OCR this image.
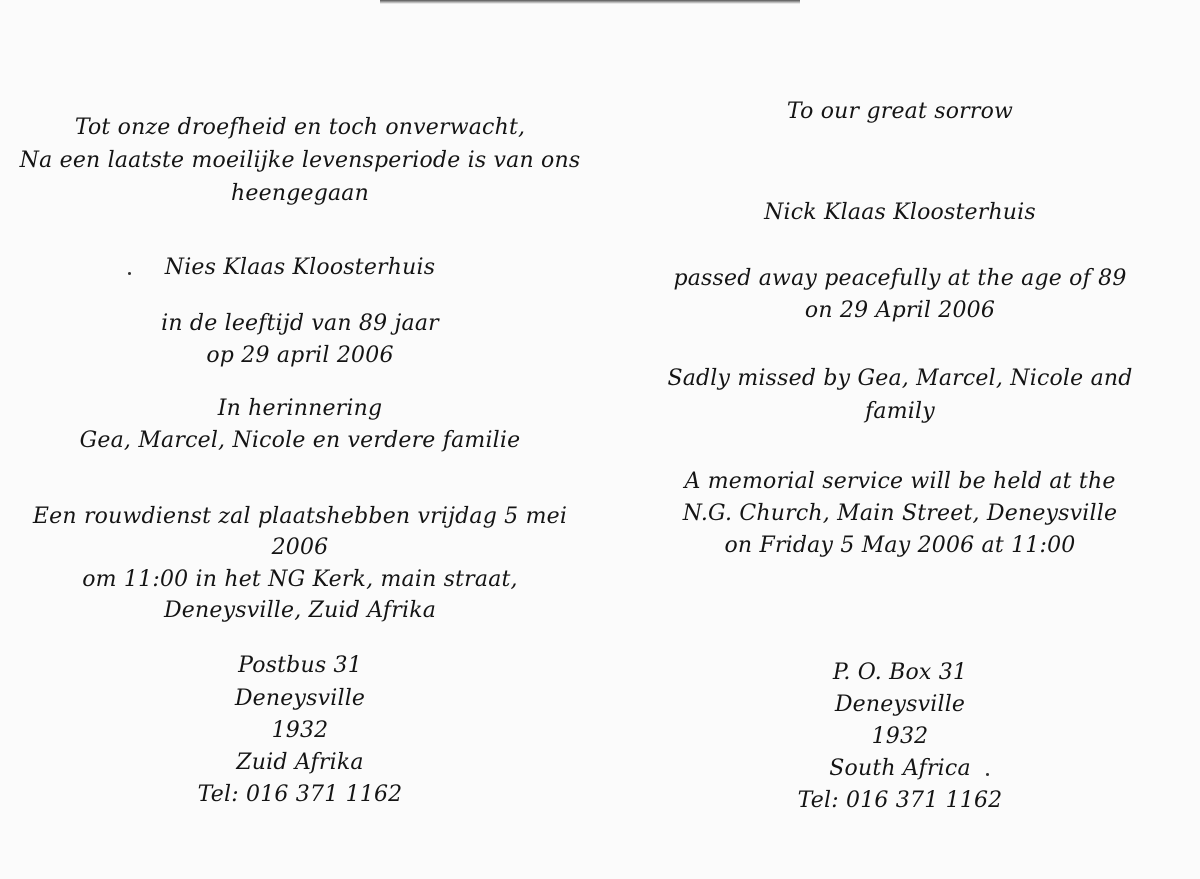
Tot onze droefheid en toch onverwacht,
Na een laatste moeilijke levensperiode is van ons
heengegaan
Nies Klaas Kloosterhuis
in de leeftijd van 89 jaar
op 29 april 2006
In herinnering
Gea, Marcel, Nicole en verdere familie
Een rouwdienst zal plaatshebben vrijdag 5 mei
2006
om 11:00 in het NG Kerk, main straat,
Deneysville, Zuid Afrika
Postbus 31
Deneysville
1932
Zuid Afrika
Tel: 016 371 1162
To our great sorrow
Nick Klaas Kloosterhuis
passed away peacefully at the age of 89
on 29 April 2006
Sadly missed by Gea, Marcel, Nicole and
family
A memorial service will be held at the
N.G. Church, Main Street, Deneysville
on Friday 5 May 2006 at 11:00
P. O. Box 31
Deneysville
1932
South Africa
Tel: 016 371 1162
